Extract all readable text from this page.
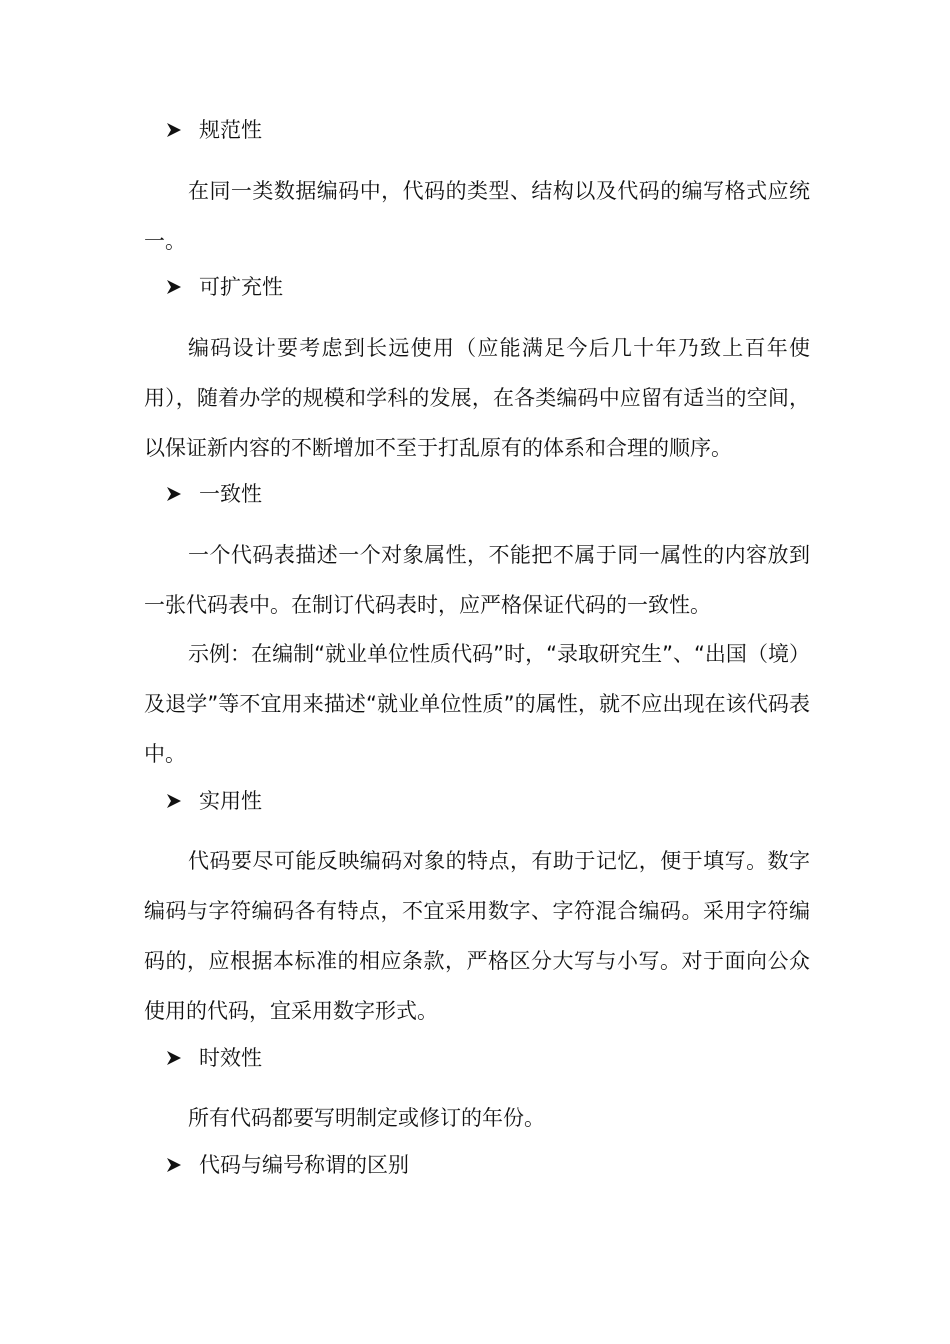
规范性
在同一类数据编码中，代码的类型、结构以及代码的编写格式应统一。
可扩充性
编码设计要考虑到长远使用（应能满足今后几十年乃致上百年使用），随着办学的规模和学科的发展，在各类编码中应留有适当的空间，以保证新内容的不断增加不至于打乱原有的体系和合理的顺序。
一致性
一个代码表描述一个对象属性，不能把不属于同一属性的内容放到一张代码表中。在制订代码表时，应严格保证代码的一致性。
示例：在编制“就业单位性质代码”时，“录取研究生”、“出国（境）及退学”等不宜用来描述“就业单位性质”的属性，就不应出现在该代码表中。
实用性
代码要尽可能反映编码对象的特点，有助于记忆，便于填写。数字编码与字符编码各有特点，不宜采用数字、字符混合编码。采用字符编码的，应根据本标准的相应条款，严格区分大写与小写。对于面向公众使用的代码，宜采用数字形式。
时效性
所有代码都要写明制定或修订的年份。
代码与编号称谓的区别
